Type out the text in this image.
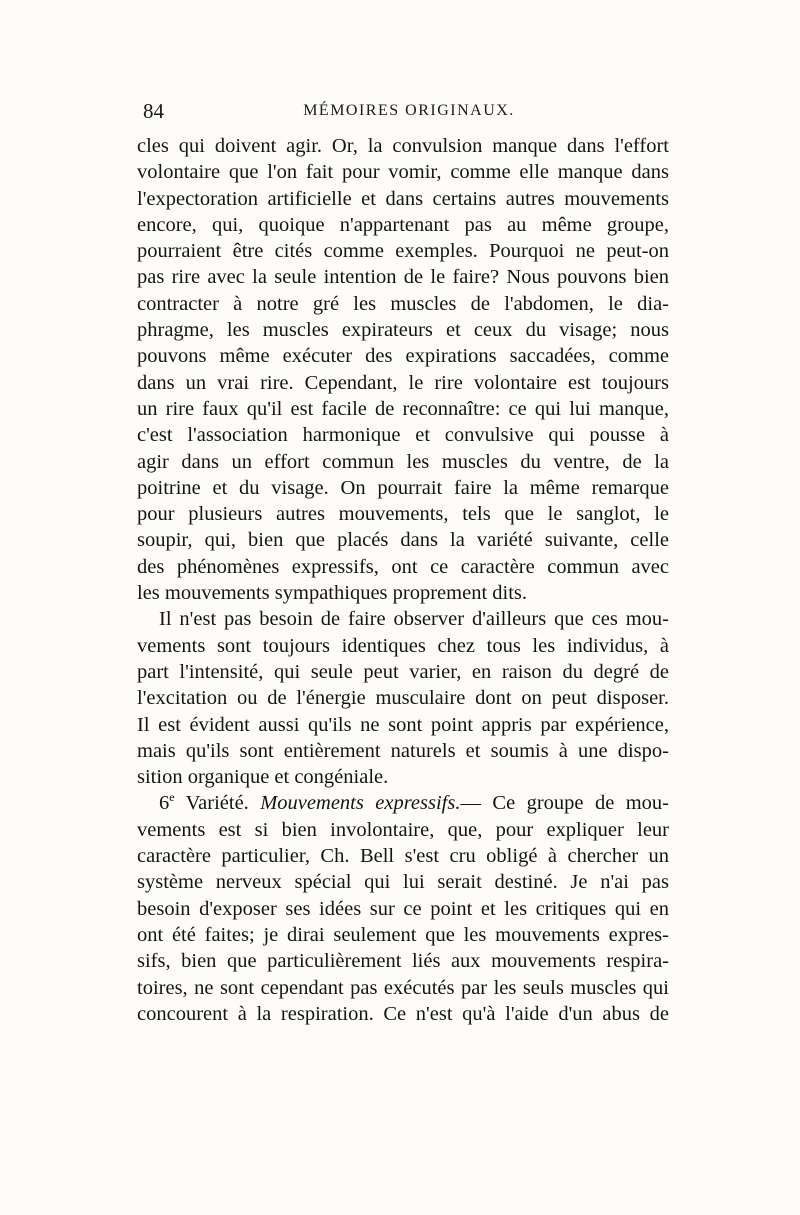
84	MÉMOIRES ORIGINAUX.
cles qui doivent agir. Or, la convulsion manque dans l'effort
volontaire que l'on fait pour vomir, comme elle manque dans
l'expectoration artificielle et dans certains autres mouvements
encore, qui, quoique n'appartenant pas au même groupe,
pourraient être cités comme exemples. Pourquoi ne peut-on
pas rire avec la seule intention de le faire? Nous pouvons bien
contracter à notre gré les muscles de l'abdomen, le dia-
phragme, les muscles expirateurs et ceux du visage; nous
pouvons même exécuter des expirations saccadées, comme
dans un vrai rire. Cependant, le rire volontaire est toujours
un rire faux qu'il est facile de reconnaître: ce qui lui manque,
c'est l'association harmonique et convulsive qui pousse à
agir dans un effort commun les muscles du ventre, de la
poitrine et du visage. On pourrait faire la même remarque
pour plusieurs autres mouvements, tels que le sanglot, le
soupir, qui, bien que placés dans la variété suivante, celle
des phénomènes expressifs, ont ce caractère commun avec
les mouvements sympathiques proprement dits.
Il n'est pas besoin de faire observer d'ailleurs que ces mou-
vements sont toujours identiques chez tous les individus, à
part l'intensité, qui seule peut varier, en raison du degré de
l'excitation ou de l'énergie musculaire dont on peut disposer.
Il est évident aussi qu'ils ne sont point appris par expérience,
mais qu'ils sont entièrement naturels et soumis à une dispo-
sition organique et congéniale.
6e Variété. Mouvements expressifs.— Ce groupe de mou-
vements est si bien involontaire, que, pour expliquer leur
caractère particulier, Ch. Bell s'est cru obligé à chercher un
système nerveux spécial qui lui serait destiné. Je n'ai pas
besoin d'exposer ses idées sur ce point et les critiques qui en
ont été faites; je dirai seulement que les mouvements expres-
sifs, bien que particulièrement liés aux mouvements respira-
toires, ne sont cependant pas exécutés par les seuls muscles qui
concourent à la respiration. Ce n'est qu'à l'aide d'un abus de
